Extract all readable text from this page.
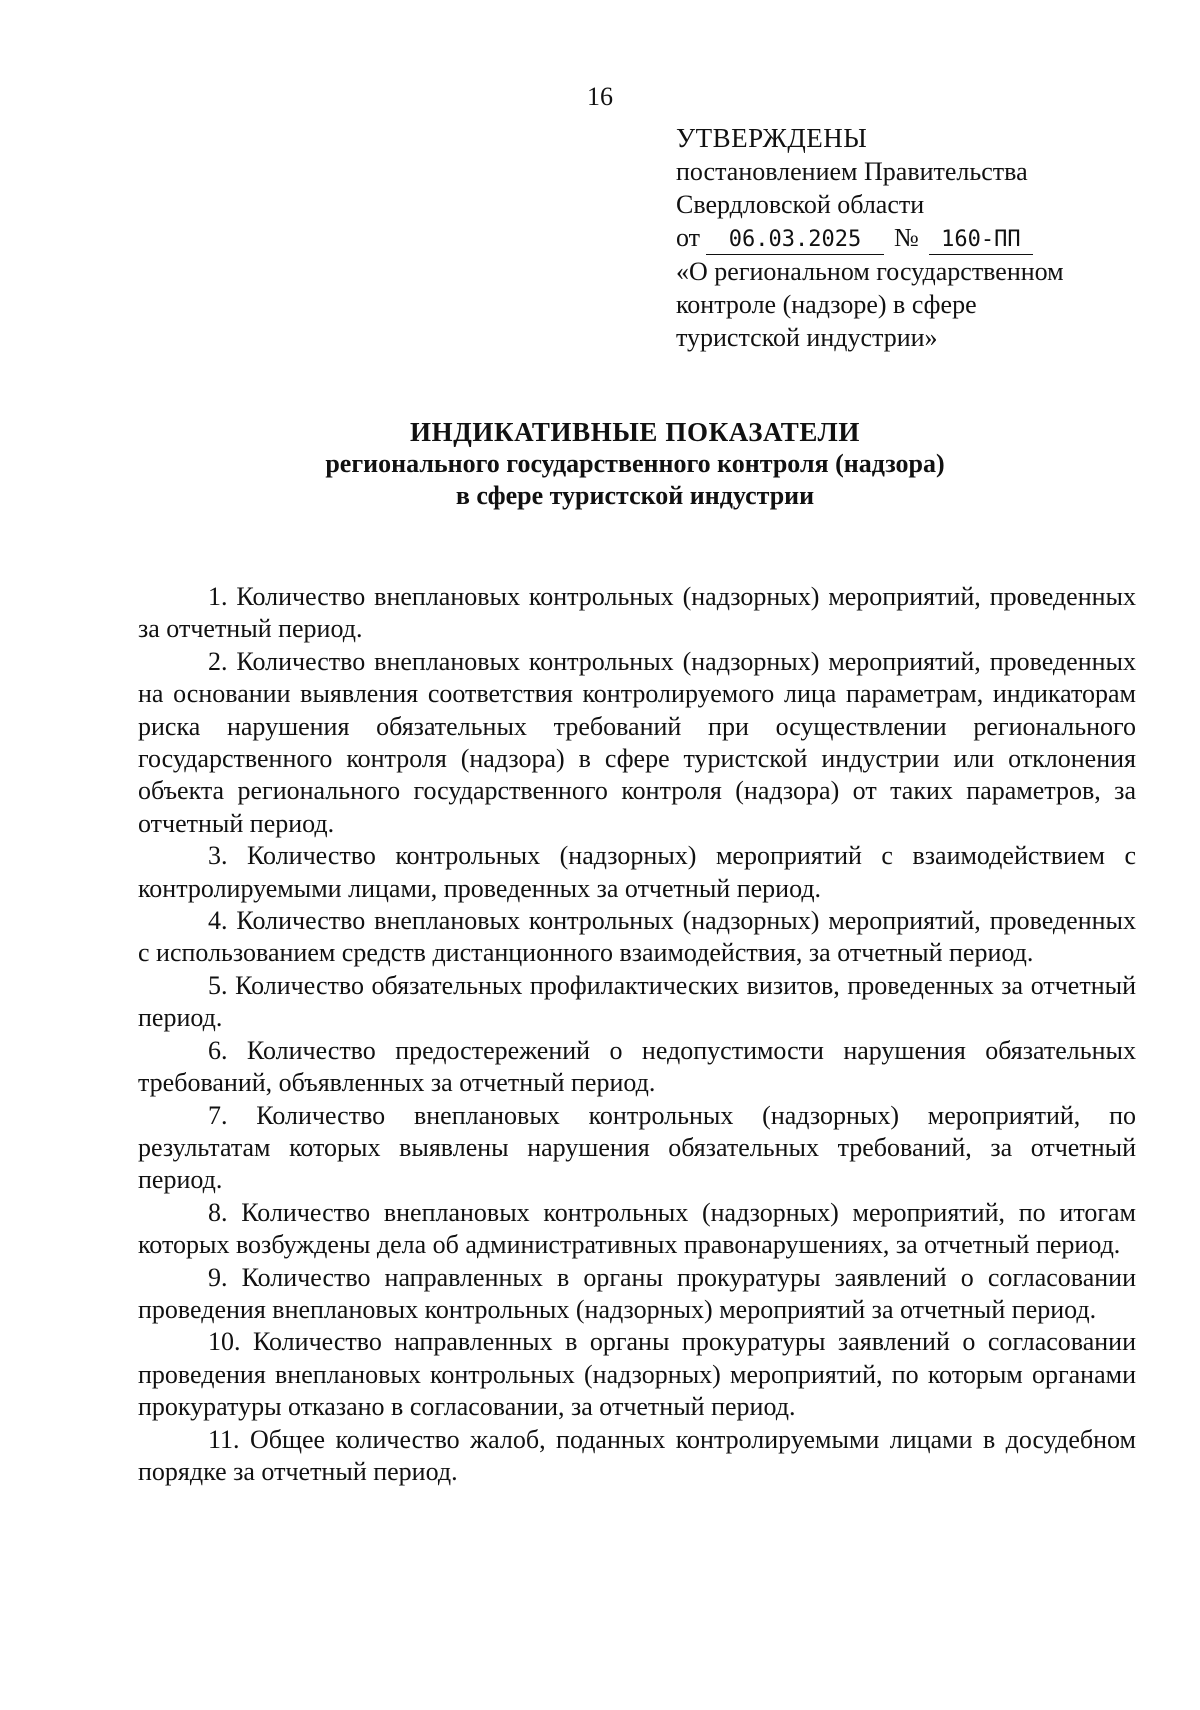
16
УТВЕРЖДЕНЫ
постановлением Правительства
Свердловской области
от 06.03.2025 № 160-ПП
«О региональном государственном
контроле (надзоре) в сфере
туристской индустрии»
ИНДИКАТИВНЫЕ ПОКАЗАТЕЛИ
регионального государственного контроля (надзора)
в сфере туристской индустрии

1. Количество внеплановых контрольных (надзорных) мероприятий, проведенных за отчетный период.

2. Количество внеплановых контрольных (надзорных) мероприятий, проведенных на основании выявления соответствия контролируемого лица параметрам, индикаторам риска нарушения обязательных требований при осуществлении регионального государственного контроля (надзора) в сфере туристской индустрии или отклонения объекта регионального государственного контроля (надзора) от таких параметров, за отчетный период.

3. Количество контрольных (надзорных) мероприятий с взаимодействием с контролируемыми лицами, проведенных за отчетный период.

4. Количество внеплановых контрольных (надзорных) мероприятий, проведенных с использованием средств дистанционного взаимодействия, за отчетный период.

5. Количество обязательных профилактических визитов, проведенных за отчетный период.

6. Количество предостережений о недопустимости нарушения обязательных требований, объявленных за отчетный период.

7. Количество внеплановых контрольных (надзорных) мероприятий, по результатам которых выявлены нарушения обязательных требований, за отчетный период.

8. Количество внеплановых контрольных (надзорных) мероприятий, по итогам которых возбуждены дела об административных правонарушениях, за отчетный период.

9. Количество направленных в органы прокуратуры заявлений о согласовании проведения внеплановых контрольных (надзорных) мероприятий за отчетный период.

10. Количество направленных в органы прокуратуры заявлений о согласовании проведения внеплановых контрольных (надзорных) мероприятий, по которым органами прокуратуры отказано в согласовании, за отчетный период.

11. Общее количество жалоб, поданных контролируемыми лицами в досудебном порядке за отчетный период.
